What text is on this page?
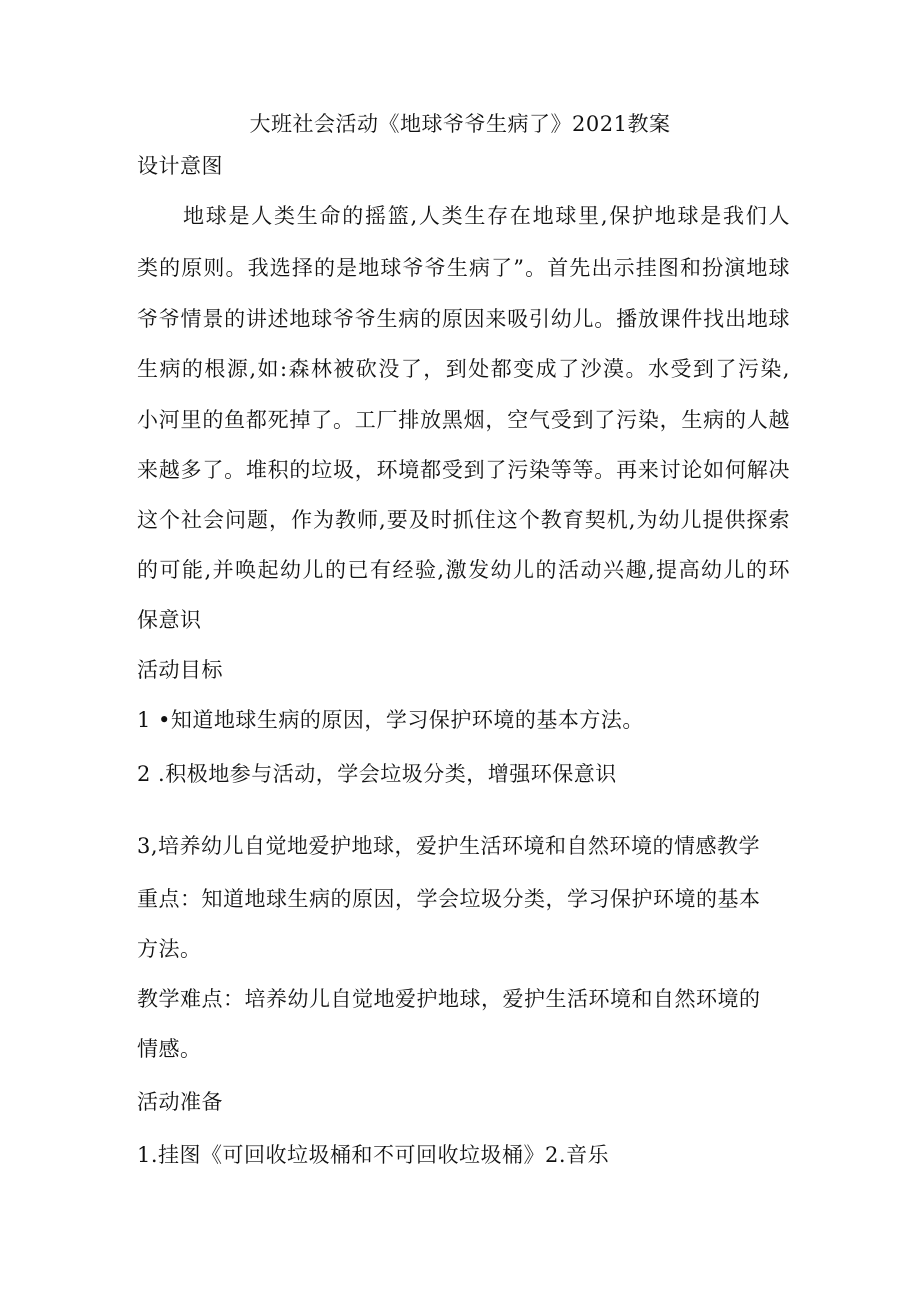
大班社会活动《地球爷爷生病了》2021教案
设计意图
地球是人类生命的摇篮,人类生存在地球里,保护地球是我们人
类的原则。我选择的是地球爷爷生病了”。首先出示挂图和扮演地球
爷爷情景的讲述地球爷爷生病的原因来吸引幼儿。播放课件找出地球
生病的根源,如:森林被砍没了，到处都变成了沙漠。水受到了污染,
小河里的鱼都死掉了。工厂排放黑烟，空气受到了污染，生病的人越
来越多了。堆积的垃圾，环境都受到了污染等等。再来讨论如何解决
这个社会问题，作为教师,要及时抓住这个教育契机,为幼儿提供探索
的可能,并唤起幼儿的已有经验,激发幼儿的活动兴趣,提高幼儿的环
保意识
活动目标
1 •知道地球生病的原因，学习保护环境的基本方法。
2 .积极地参与活动，学会垃圾分类，增强环保意识
3,培养幼儿自觉地爱护地球，爱护生活环境和自然环境的情感教学
重点：知道地球生病的原因，学会垃圾分类，学习保护环境的基本
方法。
教学难点：培养幼儿自觉地爱护地球，爱护生活环境和自然环境的
情感。
活动准备
1.挂图《可回收垃圾桶和不可回收垃圾桶》2.音乐
